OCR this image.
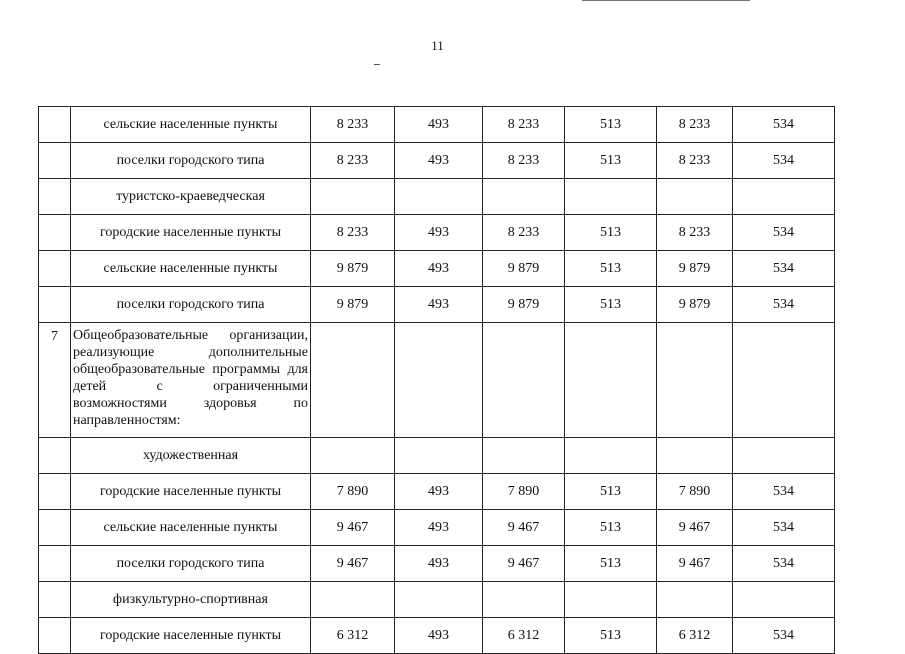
11
	сельские населенные пункты	8 233	493	8 233	513	8 233	534
	поселки городского типа	8 233	493	8 233	513	8 233	534
	туристско-краеведческая						
	городские населенные пункты	8 233	493	8 233	513	8 233	534
	сельские населенные пункты	9 879	493	9 879	513	9 879	534
	поселки городского типа	9 879	493	9 879	513	9 879	534
7	Общеобразовательные организации, реализующие дополнительные общеобразовательные программы для детей с ограниченными возможностями здоровья по направленностям:						
	художественная						
	городские населенные пункты	7 890	493	7 890	513	7 890	534
	сельские населенные пункты	9 467	493	9 467	513	9 467	534
	поселки городского типа	9 467	493	9 467	513	9 467	534
	физкультурно-спортивная						
	городские населенные пункты	6 312	493	6 312	513	6 312	534
